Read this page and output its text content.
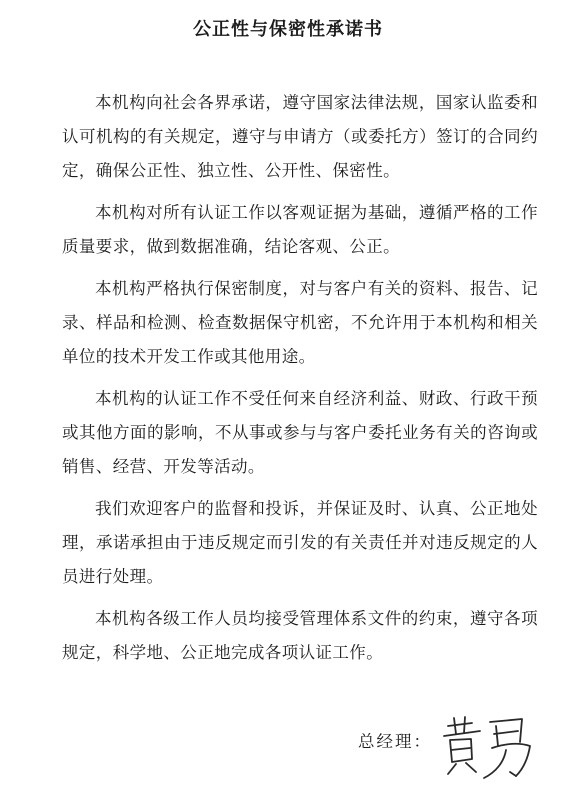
公正性与保密性承诺书

本机构向社会各界承诺，遵守国家法律法规，国家认监委和认可机构的有关规定，遵守与申请方（或委托方）签订的合同约定，确保公正性、独立性、公开性、保密性。

本机构对所有认证工作以客观证据为基础，遵循严格的工作质量要求，做到数据准确，结论客观、公正。

本机构严格执行保密制度，对与客户有关的资料、报告、记录、样品和检测、检查数据保守机密，不允许用于本机构和相关单位的技术开发工作或其他用途。

本机构的认证工作不受任何来自经济利益、财政、行政干预或其他方面的影响，不从事或参与与客户委托业务有关的咨询或销售、经营、开发等活动。

我们欢迎客户的监督和投诉，并保证及时、认真、公正地处理，承诺承担由于违反规定而引发的有关责任并对违反规定的人员进行处理。

本机构各级工作人员均接受管理体系文件的约束，遵守各项规定，科学地、公正地完成各项认证工作。

总经理：
